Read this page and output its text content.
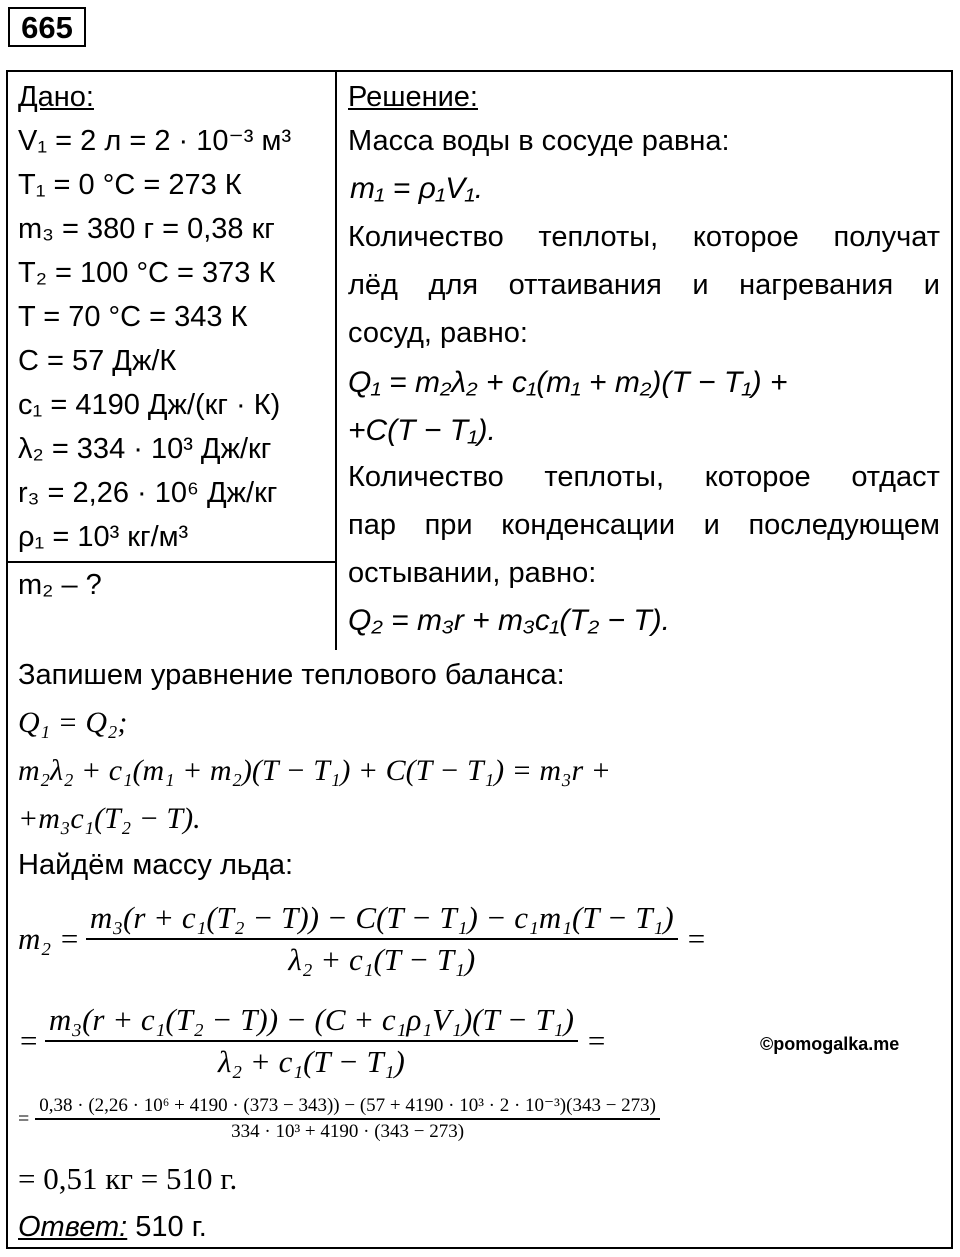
665
Дано:
V₁ = 2 л = 2 · 10⁻³ м³
T₁ = 0 °C = 273 К
m₃ = 380 г = 0,38 кг
T₂ = 100 °C = 373 К
T = 70 °C = 343 К
C = 57 Дж/К
c₁ = 4190 Дж/(кг · К)
λ₂ = 334 · 10³ Дж/кг
r₃ = 2,26 · 10⁶ Дж/кг
ρ₁ = 10³ кг/м³
m₂ – ?
Решение:
Масса воды в сосуде равна:
m₁ = ρ₁V₁.
Количество теплоты, которое получат
лёд для оттаивания и нагревания и
сосуд, равно:
Q₁ = m₂λ₂ + c₁(m₁ + m₂)(T − T₁) +
+C(T − T₁).
Количество теплоты, которое отдаст
пар при конденсации и последующем
остывании, равно:
Q₂ = m₃r + m₃c₁(T₂ − T).
Запишем уравнение теплового баланса:
Q₁ = Q₂;
m₂λ₂ + c₁(m₁ + m₂)(T − T₁) + C(T − T₁) = m₃r +
+m₃c₁(T₂ − T).
Найдём массу льда:
$m_2 = \frac{\text{m₃(r + c₁(T₂ − T)) − C(T − T₁) − c₁m₁(T − T₁)}}{\text{λ₂ + c₁(T − T₁)}}$ =
= $\frac{\text{m₃(r + c₁(T₂ − T)) − (C + c₁ρ₁V₁)(T − T₁)}}{\text{λ₂ + c₁(T − T₁)}}$ =
=
0,38 · (2,26 · 10⁶ + 4190 · (373 − 343)) − (57 + 4190 · 10³ · 2 · 10⁻³)(343 − 273)
334 · 10³ + 4190 · (343 − 273)
= 0,51 кг = 510 г.
Ответ: 510 г.
©pomogalka.me
